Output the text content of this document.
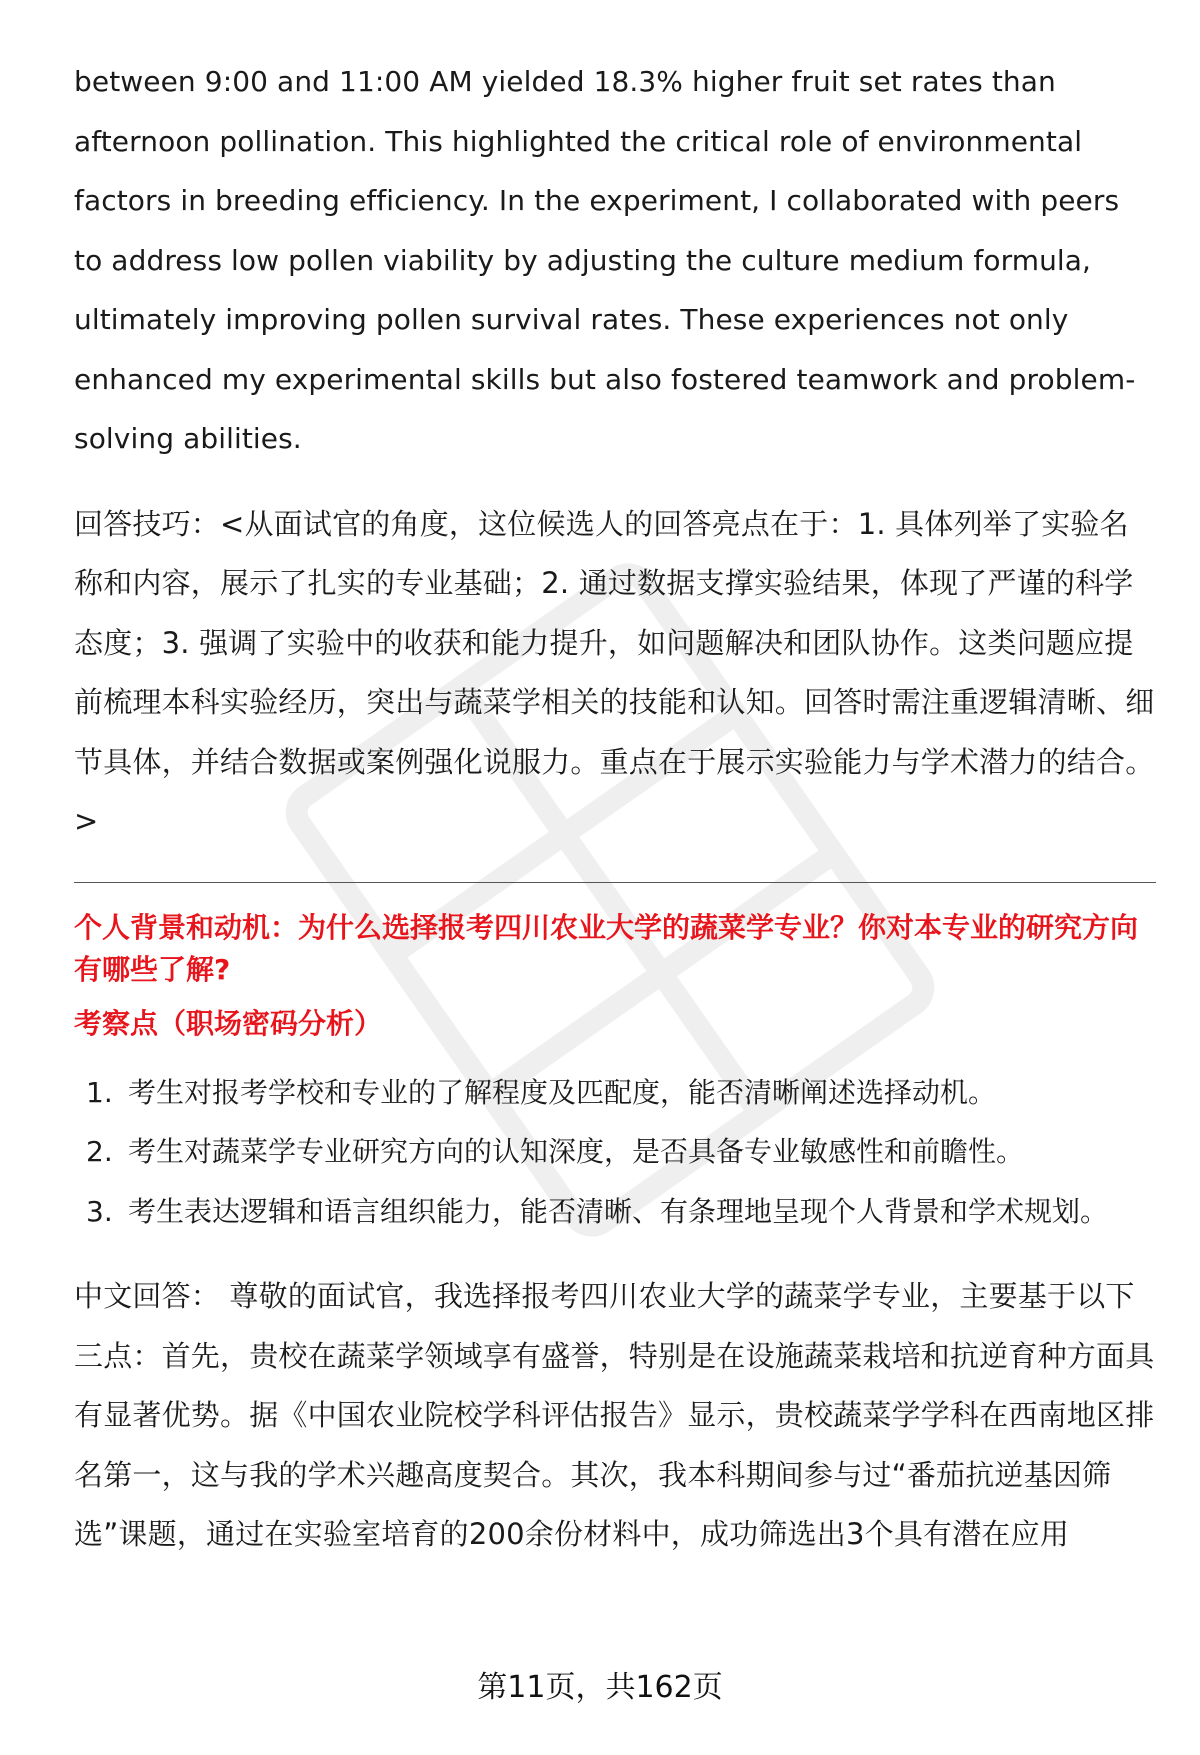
between 9:00 and 11:00 AM yielded 18.3% higher fruit set rates than afternoon pollination. This highlighted the critical role of environmental factors in breeding efficiency. In the experiment, I collaborated with peers to address low pollen viability by adjusting the culture medium formula, ultimately improving pollen survival rates. These experiences not only enhanced my experimental skills but also fostered teamwork and problem-solving abilities.

回答技巧：<从面试官的角度，这位候选人的回答亮点在于：1. 具体列举了实验名称和内容，展示了扎实的专业基础；2. 通过数据支撑实验结果，体现了严谨的科学态度；3. 强调了实验中的收获和能力提升，如问题解决和团队协作。这类问题应提前梳理本科实验经历，突出与蔬菜学相关的技能和认知。回答时需注重逻辑清晰、细节具体，并结合数据或案例强化说服力。重点在于展示实验能力与学术潜力的结合。>

个人背景和动机：为什么选择报考四川农业大学的蔬菜学专业？你对本专业的研究方向有哪些了解?

考察点（职场密码分析）

1. 考生对报考学校和专业的了解程度及匹配度，能否清晰阐述选择动机。
2. 考生对蔬菜学专业研究方向的认知深度，是否具备专业敏感性和前瞻性。
3. 考生表达逻辑和语言组织能力，能否清晰、有条理地呈现个人背景和学术规划。

中文回答： 尊敬的面试官，我选择报考四川农业大学的蔬菜学专业，主要基于以下三点：首先，贵校在蔬菜学领域享有盛誉，特别是在设施蔬菜栽培和抗逆育种方面具有显著优势。据《中国农业院校学科评估报告》显示，贵校蔬菜学学科在西南地区排名第一，这与我的学术兴趣高度契合。其次，我本科期间参与过“番茄抗逆基因筛选”课题，通过在实验室培育的200余份材料中，成功筛选出3个具有潜在应用

第11页，共162页
